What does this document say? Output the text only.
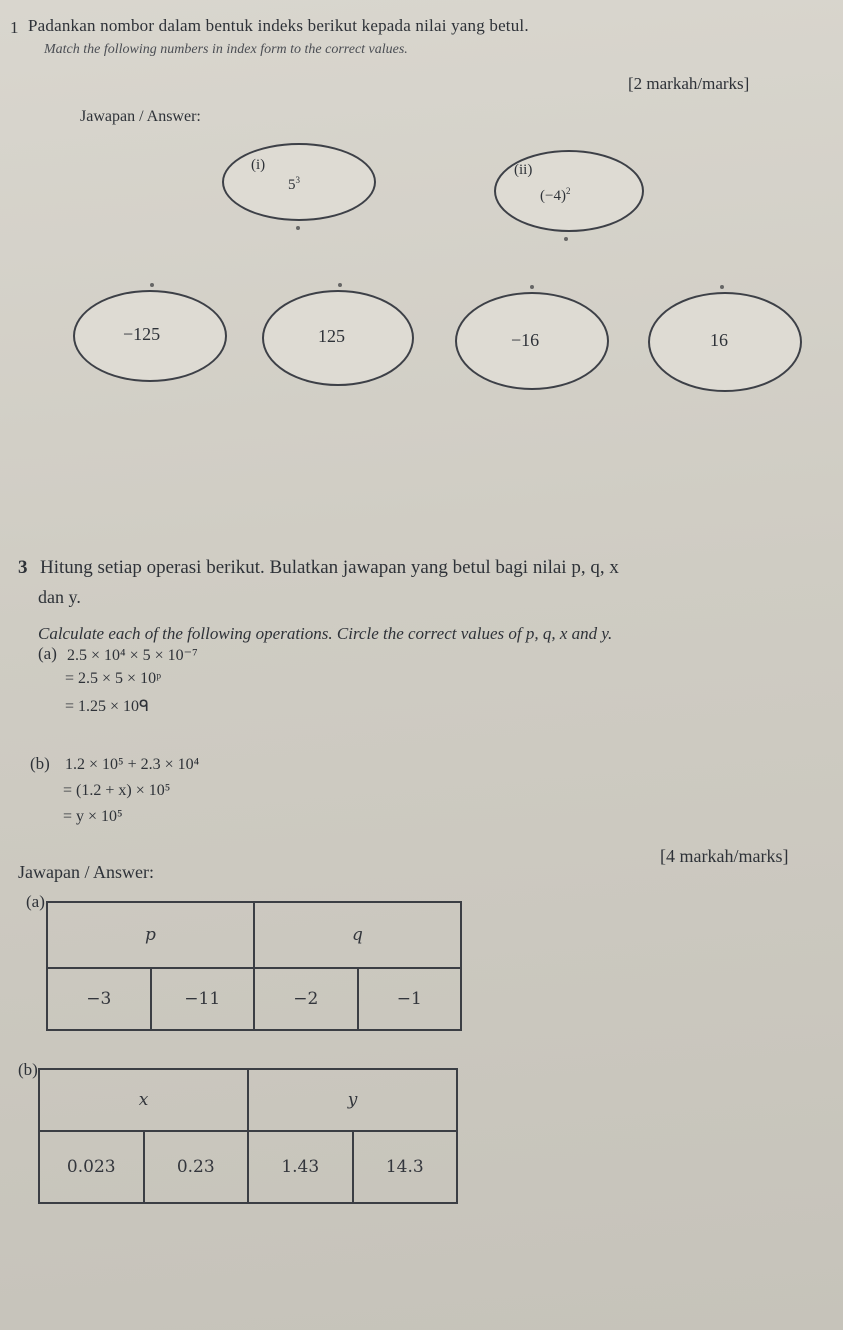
1 Padankan nombor dalam bentuk indeks berikut kepada nilai yang betul.
Match the following numbers in index form to the correct values.
[2 markah/marks]
Jawapan / Answer:
(i)
$5^3$
(ii)
$(-4)^2$
−125	125	−16	16
3 Hitung setiap operasi berikut. Bulatkan jawapan yang betul bagi nilai p, q, x
dan y.
Calculate each of the following operations. Circle the correct values of p, q, x and y.
(a) 2.5 × 10⁴ × 5 × 10⁻⁷
= 2.5 × 5 × 10ᵖ
= 1.25 × 10ᑫ
(b) 1.2 × 10⁵ + 2.3 × 10⁴
= (1.2 + x) × 10⁵
= y × 10⁵
[4 markah/marks]
Jawapan / Answer:
(a)
p		q	
−3	−11	−2	−1
(b)
x		y	
0.023	0.23	1.43	14.3
